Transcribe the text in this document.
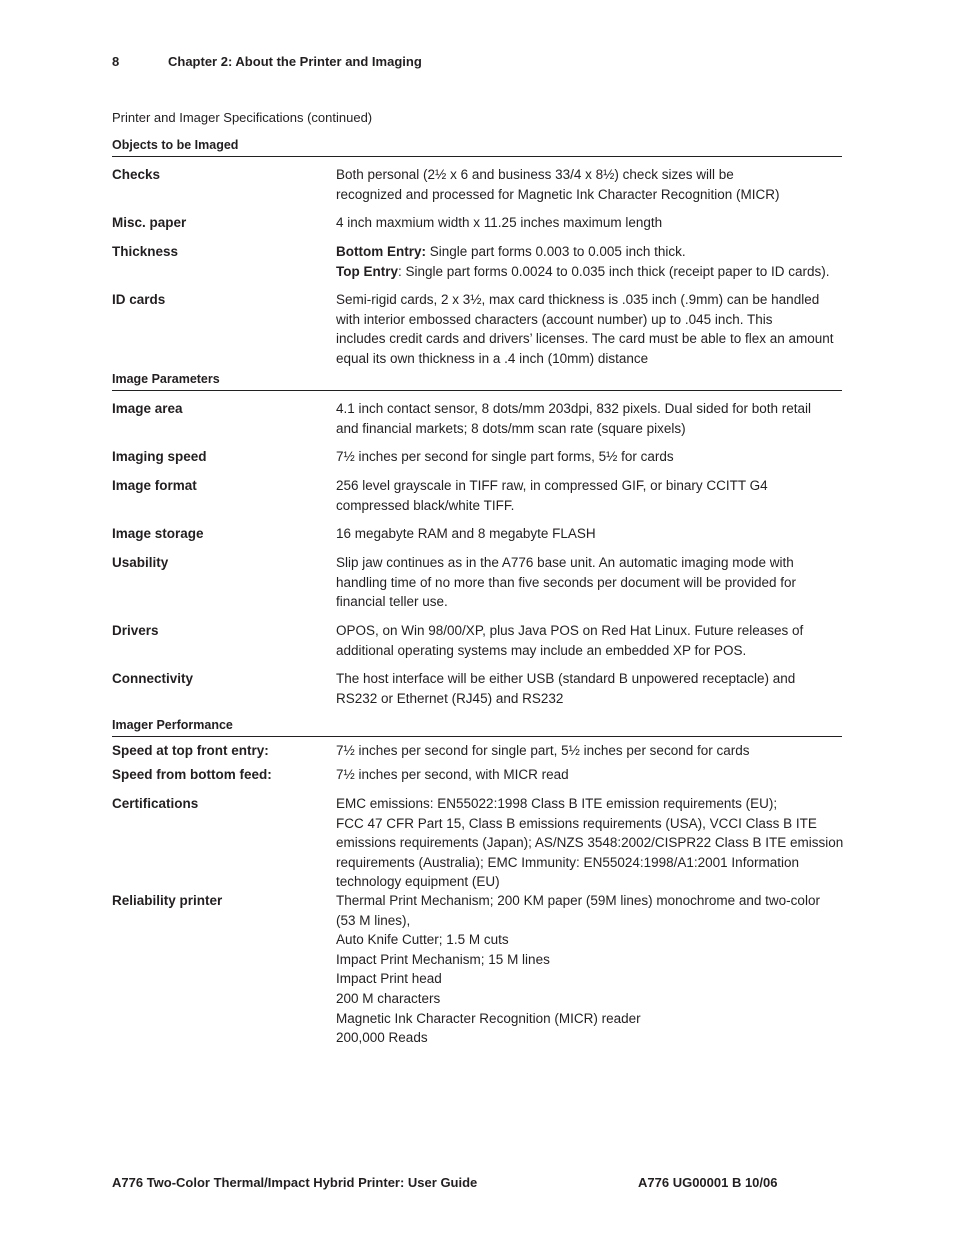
8	Chapter 2: About the Printer and Imaging
Printer and Imager Specifications (continued)
Objects to be Imaged
Checks	Both personal (2½ x 6 and business 33/4 x 8½) check sizes will be
recognized and processed for Magnetic Ink Character Recognition (MICR)
Misc. paper	4 inch maxmium width x 11.25 inches maximum length
Thickness	Bottom Entry: Single part forms 0.003 to 0.005 inch thick.
Top Entry: Single part forms 0.0024 to 0.035 inch thick (receipt paper to ID cards).
ID cards	Semi-rigid cards, 2 x 3½, max card thickness is .035 inch (.9mm) can be handled
with interior embossed characters (account number) up to .045 inch. This
includes credit cards and drivers’ licenses. The card must be able to flex an amount
equal its own thickness in a .4 inch (10mm) distance
Image Parameters
Image area	4.1 inch contact sensor, 8 dots/mm 203dpi, 832 pixels. Dual sided for both retail
and financial markets; 8 dots/mm scan rate (square pixels)
Imaging speed	7½ inches per second for single part forms, 5½ for cards
Image format	256 level grayscale in TIFF raw, in compressed GIF, or binary CCITT G4
compressed black/white TIFF.
Image storage	16 megabyte RAM and 8 megabyte FLASH
Usability	Slip jaw continues as in the A776 base unit. An automatic imaging mode with
handling time of no more than five seconds per document will be provided for
financial teller use.
Drivers	OPOS, on Win 98/00/XP, plus Java POS on Red Hat Linux. Future releases of
additional operating systems may include an embedded XP for POS.
Connectivity	The host interface will be either USB (standard B unpowered receptacle) and
RS232 or Ethernet (RJ45) and RS232
Imager Performance
Speed at top front entry:	7½ inches per second for single part, 5½ inches per second for cards
Speed from bottom feed:	7½ inches per second, with MICR read
Certifications	EMC emissions: EN55022:1998 Class B ITE emission requirements (EU);
FCC 47 CFR Part 15, Class B emissions requirements (USA), VCCI Class B ITE
emissions requirements (Japan); AS/NZS 3548:2002/CISPR22 Class B ITE emission
requirements (Australia); EMC Immunity: EN55024:1998/A1:2001 Information
technology equipment (EU)
Reliability printer	Thermal Print Mechanism; 200 KM paper (59M lines) monochrome and two-color
(53 M lines),
Auto Knife Cutter; 1.5 M cuts
Impact Print Mechanism; 15 M lines
Impact Print head
200 M characters
Magnetic Ink Character Recognition (MICR) reader
200,000 Reads
A776 Two-Color Thermal/Impact Hybrid Printer: User Guide	A776 UG00001 B 10/06
